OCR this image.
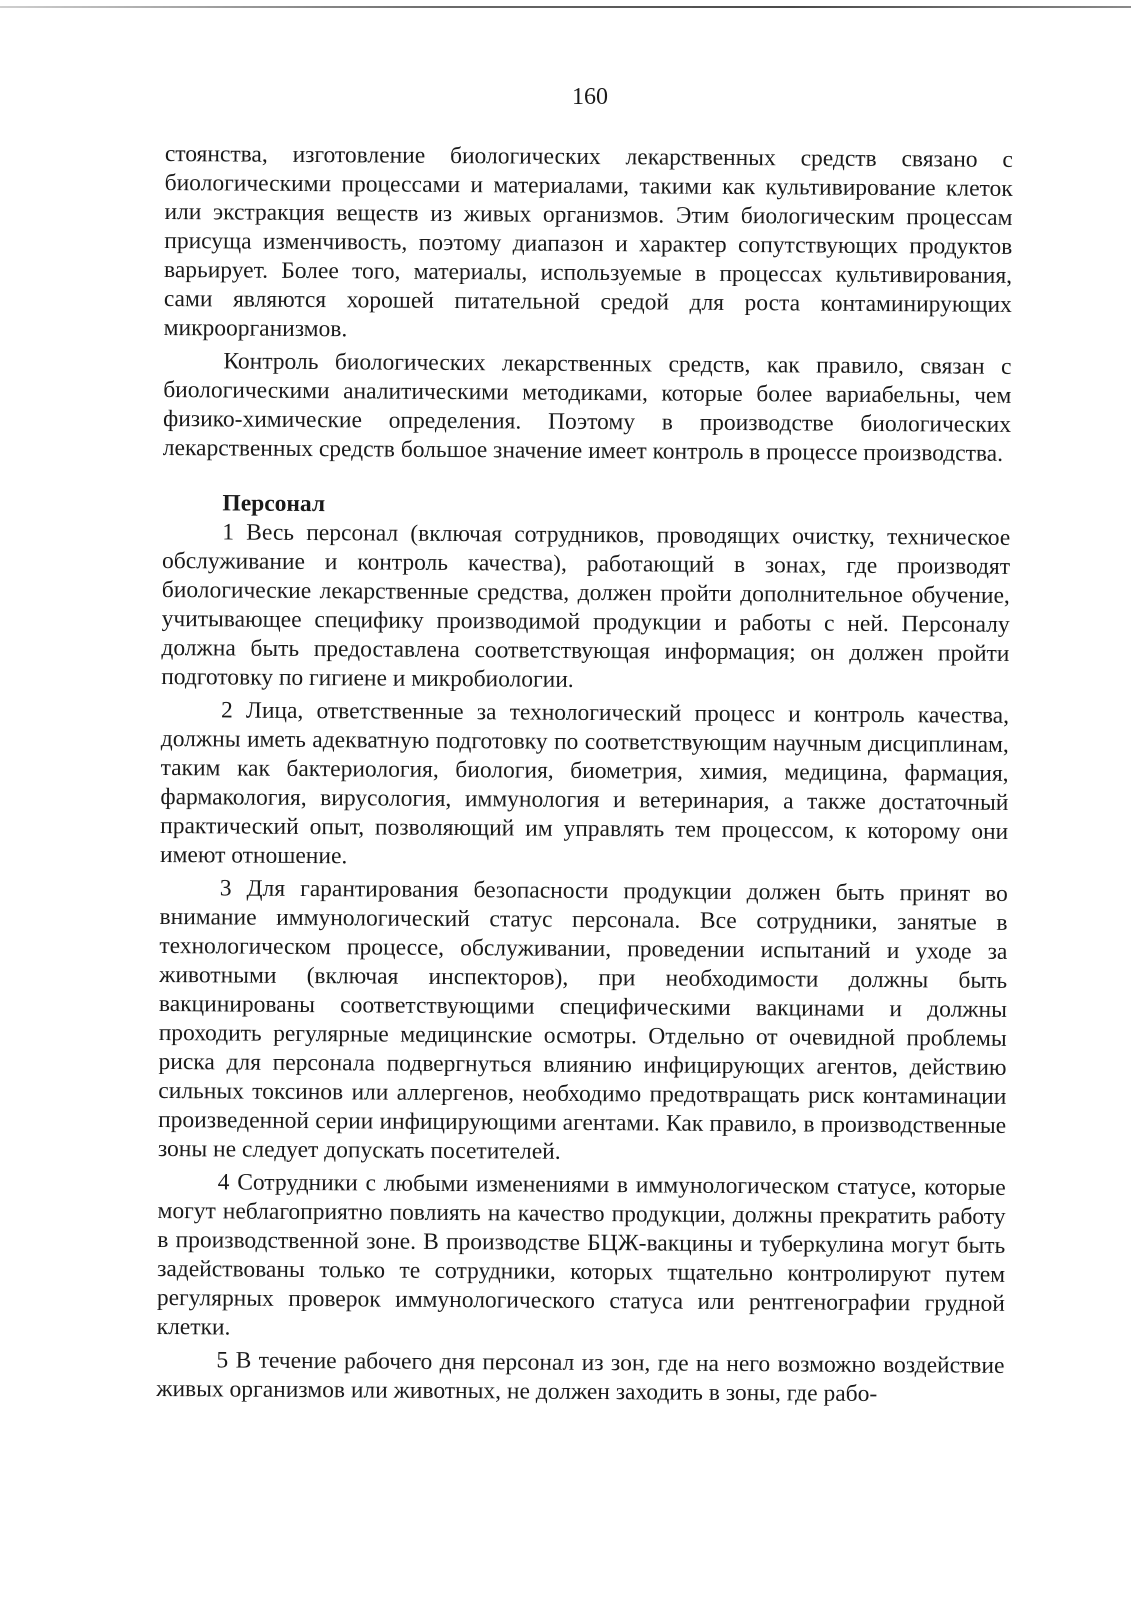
160

стоянства, изготовление биологических лекарственных средств связано с биологическими процессами и материалами, такими как культивирование клеток или экстракция веществ из живых организмов. Этим биологическим процессам присуща изменчивость, поэтому диапазон и характер сопутствующих продуктов варьирует. Более того, материалы, используемые в процессах культивирования, сами являются хорошей питательной средой для роста контаминирующих микроорганизмов.

Контроль биологических лекарственных средств, как правило, связан с биологическими аналитическими методиками, которые более вариабельны, чем физико-химические определения. Поэтому в производстве биологических лекарственных средств большое значение имеет контроль в процессе производства.

Персонал

1 Весь персонал (включая сотрудников, проводящих очистку, техническое обслуживание и контроль качества), работающий в зонах, где производят биологические лекарственные средства, должен пройти дополнительное обучение, учитывающее специфику производимой продукции и работы с ней. Персоналу должна быть предоставлена соответствующая информация; он должен пройти подготовку по гигиене и микробиологии.

2 Лица, ответственные за технологический процесс и контроль качества, должны иметь адекватную подготовку по соответствующим научным дисциплинам, таким как бактериология, биология, биометрия, химия, медицина, фармация, фармакология, вирусология, иммунология и ветеринария, а также достаточный практический опыт, позволяющий им управлять тем процессом, к которому они имеют отношение.

3 Для гарантирования безопасности продукции должен быть принят во внимание иммунологический статус персонала. Все сотрудники, занятые в технологическом процессе, обслуживании, проведении испытаний и уходе за животными (включая инспекторов), при необходимости должны быть вакцинированы соответствующими специфическими вакцинами и должны проходить регулярные медицинские осмотры. Отдельно от очевидной проблемы риска для персонала подвергнуться влиянию инфицирующих агентов, действию сильных токсинов или аллергенов, необходимо предотвращать риск контаминации произведенной серии инфицирующими агентами. Как правило, в производственные зоны не следует допускать посетителей.

4 Сотрудники с любыми изменениями в иммунологическом статусе, которые могут неблагоприятно повлиять на качество продукции, должны прекратить работу в производственной зоне. В производстве БЦЖ-вакцины и туберкулина могут быть задействованы только те сотрудники, которых тщательно контролируют путем регулярных проверок иммунологического статуса или рентгенографии грудной клетки.

5 В течение рабочего дня персонал из зон, где на него возможно воздействие живых организмов или животных, не должен заходить в зоны, где рабо-
